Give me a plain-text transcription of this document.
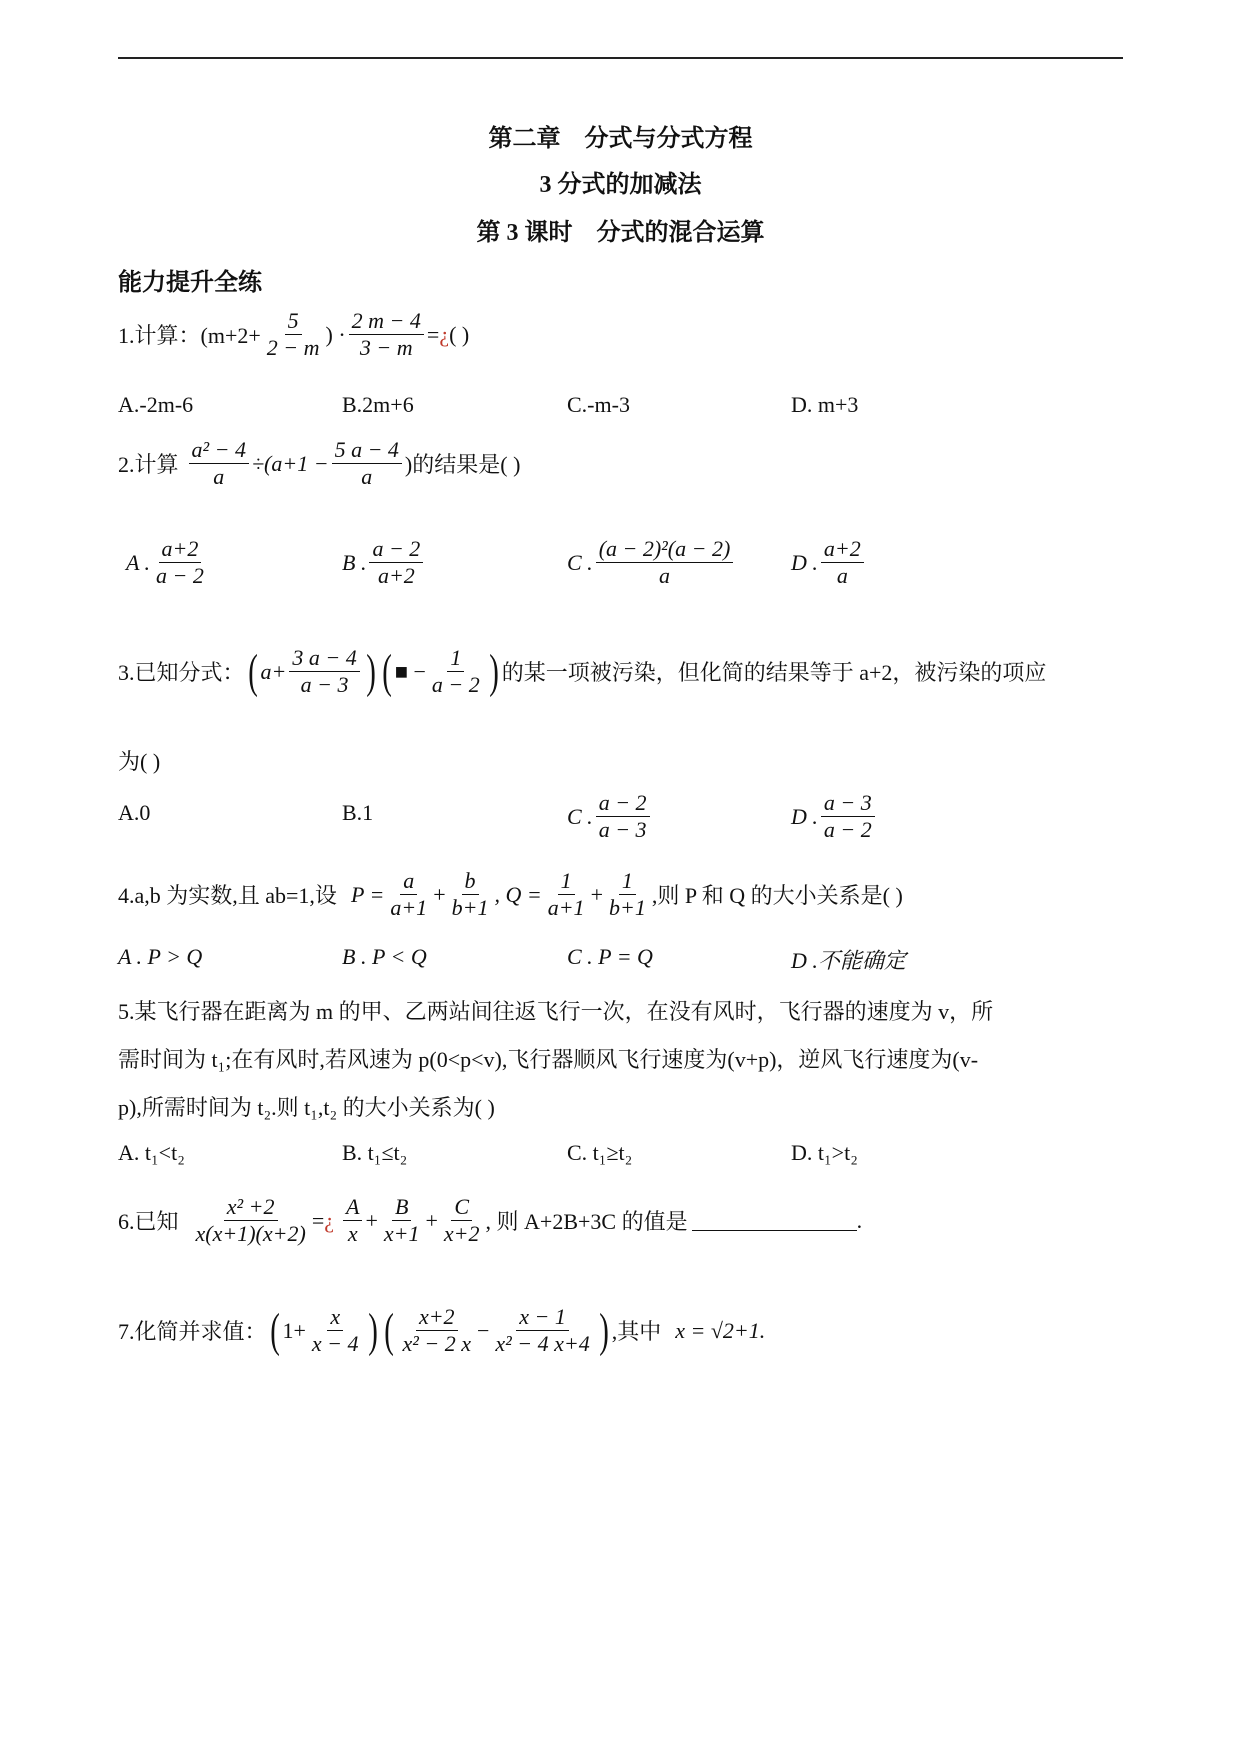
第二章　分式与分式方程
3 分式的加减法
第 3 课时　分式的混合运算
能力提升全练
1.计算：($m+2+ \frac{5}{2 - m}$ ) · $\frac{2 m - 4}{3 - m}$ = ¿ ( )
A.-2m-6	B.2m+6	C.-m-3	D. m+3
2.计算 $\frac{\text{a² − 4}}{a} \div(a+1 - \frac{5 a - 4}{a}$ )的结果是( )
A . $\frac{a+2}{a - 2}$	B . $\frac{a - 2}{a+2}$	C . $\frac{\text{(a − 2)²(a − 2)}}{a}$	D . $\frac{a+2}{a}$
3.已知分式： ( $a+ \frac{3 a - 4}{a - 3}$ ) ( ■ − $\frac{1}{a - 2}$ ) 的某一项被污染，但化简的结果等于 a+2，被污染的项应
为( )
A.0	B.1	C . $\frac{a - 2}{a - 3}$	D . $\frac{a - 3}{a - 2}$
4.a,b 为实数,且 ab=1,设 $P = \frac{a}{a+1} + \frac{b}{b+1}$ , $Q = \frac{1}{a+1} + \frac{1}{b+1}$ ,则 P 和 Q 的大小关系是( )
A . P > Q	B . P < Q	C . P = Q	D .不能确定
5.某飞行器在距离为 m 的甲、乙两站间往返飞行一次，在没有风时，飞行器的速度为 v，所
需时间为 t₁;在有风时,若风速为 p(0<p<v),飞行器顺风飞行速度为(v+p)，逆风飞行速度为(v-
p),所需时间为 t₂.则 t₁,t₂ 的大小关系为( )
A. t₁<t₂	B. t₁≤t₂	C. t₁≥t₂	D. t₁>t₂
6.已知 $\frac{\text{x² +2}}{x(x+1)(x+2)}$ = ¿ $\frac{A}{x} + \frac{B}{x+1} + \frac{C}{x+2}$ , 则 A+2B+3C 的值是	.
7.化简并求值： ( $1+ \frac{x}{x - 4}$ ) ( $\frac{x+2}{\text{x² − 2 x}} - \frac{x - 1}{\text{x² − 4 x+4}}$ ) ,其中 x = √2+1.
